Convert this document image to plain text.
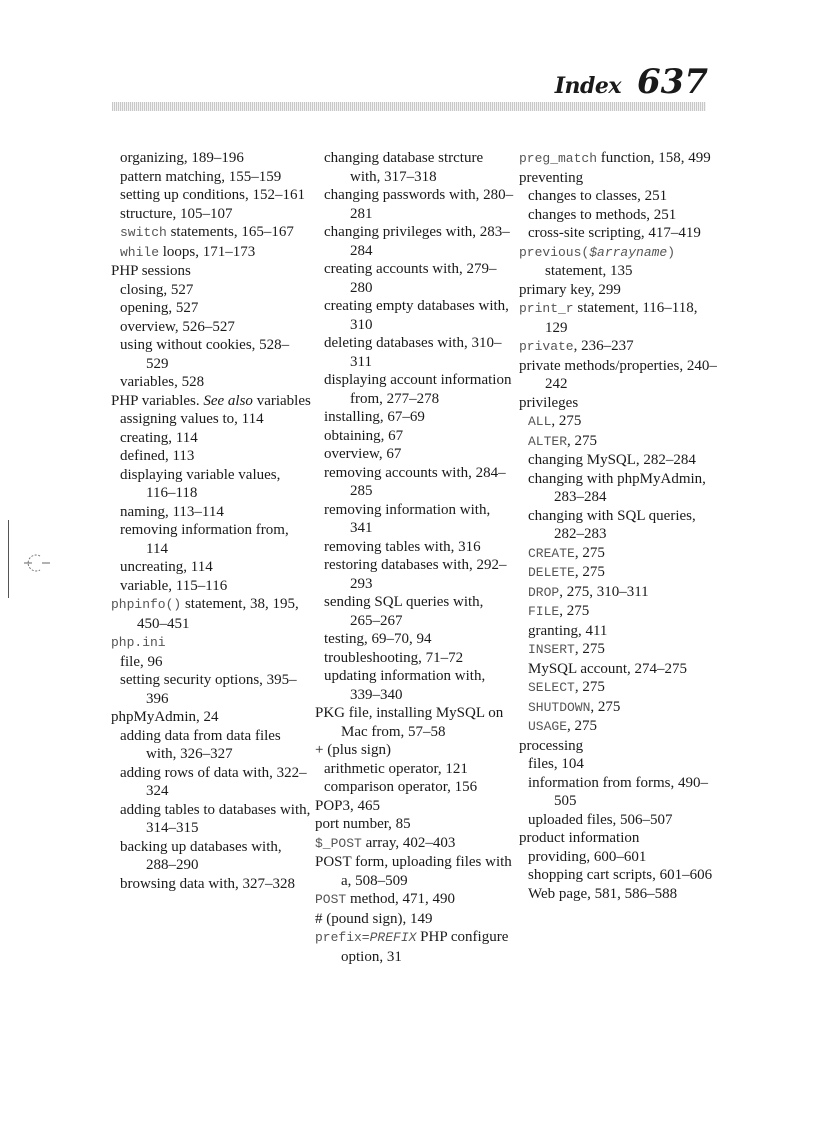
Index 637

organizing, 189–196

pattern matching, 155–159

setting up conditions, 152–161

structure, 105–107

switch statements, 165–167

while loops, 171–173

PHP sessions

closing, 527

opening, 527

overview, 526–527

using without cookies, 528–529

variables, 528

PHP variables. See also variables

assigning values to, 114

creating, 114

defined, 113

displaying variable values, 116–118

naming, 113–114

removing information from, 114

uncreating, 114

variable, 115–116

phpinfo() statement, 38, 195, 450–451

php.ini

file, 96

setting security options, 395–396

phpMyAdmin, 24

adding data from data files with, 326–327

adding rows of data with, 322–324

adding tables to databases with, 314–315

backing up databases with, 288–290

browsing data with, 327–328

changing database strcture with, 317–318

changing passwords with, 280–281

changing privileges with, 283–284

creating accounts with, 279–280

creating empty databases with, 310

deleting databases with, 310–311

displaying account information from, 277–278

installing, 67–69

obtaining, 67

overview, 67

removing accounts with, 284–285

removing information with, 341

removing tables with, 316

restoring databases with, 292–293

sending SQL queries with, 265–267

testing, 69–70, 94

troubleshooting, 71–72

updating information with, 339–340

PKG file, installing MySQL on Mac from, 57–58

+ (plus sign)

arithmetic operator, 121

comparison operator, 156

POP3, 465

port number, 85

$_POST array, 402–403

POST form, uploading files with a, 508–509

POST method, 471, 490

# (pound sign), 149

prefix=PREFIX PHP configure option, 31

preg_match function, 158, 499

preventing

changes to classes, 251

changes to methods, 251

cross-site scripting, 417–419

previous($arrayname) statement, 135

primary key, 299

print_r statement, 116–118, 129

private, 236–237

private methods/properties, 240–242

privileges

ALL, 275

ALTER, 275

changing MySQL, 282–284

changing with phpMyAdmin, 283–284

changing with SQL queries, 282–283

CREATE, 275

DELETE, 275

DROP, 275, 310–311

FILE, 275

granting, 411

INSERT, 275

MySQL account, 274–275

SELECT, 275

SHUTDOWN, 275

USAGE, 275

processing

files, 104

information from forms, 490–505

uploaded files, 506–507

product information

providing, 600–601

shopping cart scripts, 601–606

Web page, 581, 586–588
